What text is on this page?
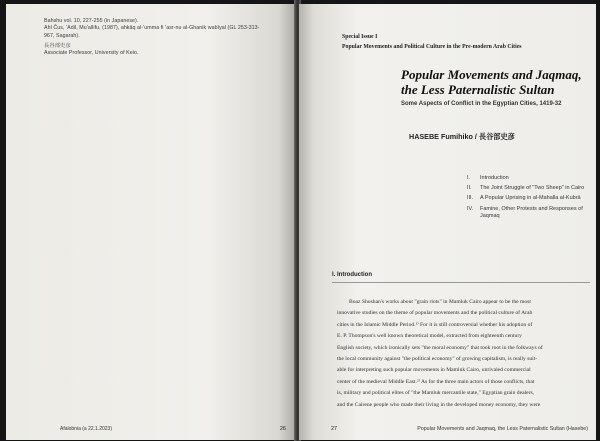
Bahshu vol. 10, 227-255 (in Japanese).
Ahl Ĉus, ʻAdil, Muʻallifu, (1987), ahkāq al-ʻumma fi ʻasr-nu al-Ghanik wabīyal (GL 253-313-
967, Sagarah).
長谷部史彦
Associate Professor, University of Keio.
Afalobnia (a 22.1.2023)	26
Special Issue I
Popular Movements and Political Culture in the Pre-modern Arab Cities
Popular Movements and Jaqmaq,
the Less Paternalistic Sultan
Some Aspects of Conflict in the Egyptian Cities, 1419-32
HASEBE Fumihiko / 長谷部史彦
I.	Introduction
II.	The Joint Struggle of "Two Sheep" in Cairo
III.	A Popular Uprising in al-Mahalla al-Kubrā
IV.	Famine, Other Protests and Responses of Jaqmaq
I. Introduction
Boaz Shoshan's works about "grain riots" in Mamluk Cairo appear to be the most
innovative studies on the theme of popular movements and the political culture of Arab
cities in the Islamic Middle Period.¹⁾ For it is still controversial whether his adoption of
E. P. Thompson's well known theoretical model, extracted from eighteenth century
English society, which ironically sets "the moral economy" that took root in the folkways of
the local community against "the political economy" of growing capitalism, is really suit-
able for interpreting such popular movements in Mamluk Cairo, unrivaled commercial
center of the medieval Middle East.²⁾ As for the three main actors of those conflicts, that
is, military and political elites of "the Mamluk mercantile state," Egyptian grain dealers,
and the Cairene people who made their living in the developed money economy, they were
27	Popular Movements and Jaqmaq, the Less Paternalistic Sultan (Hasebe)
